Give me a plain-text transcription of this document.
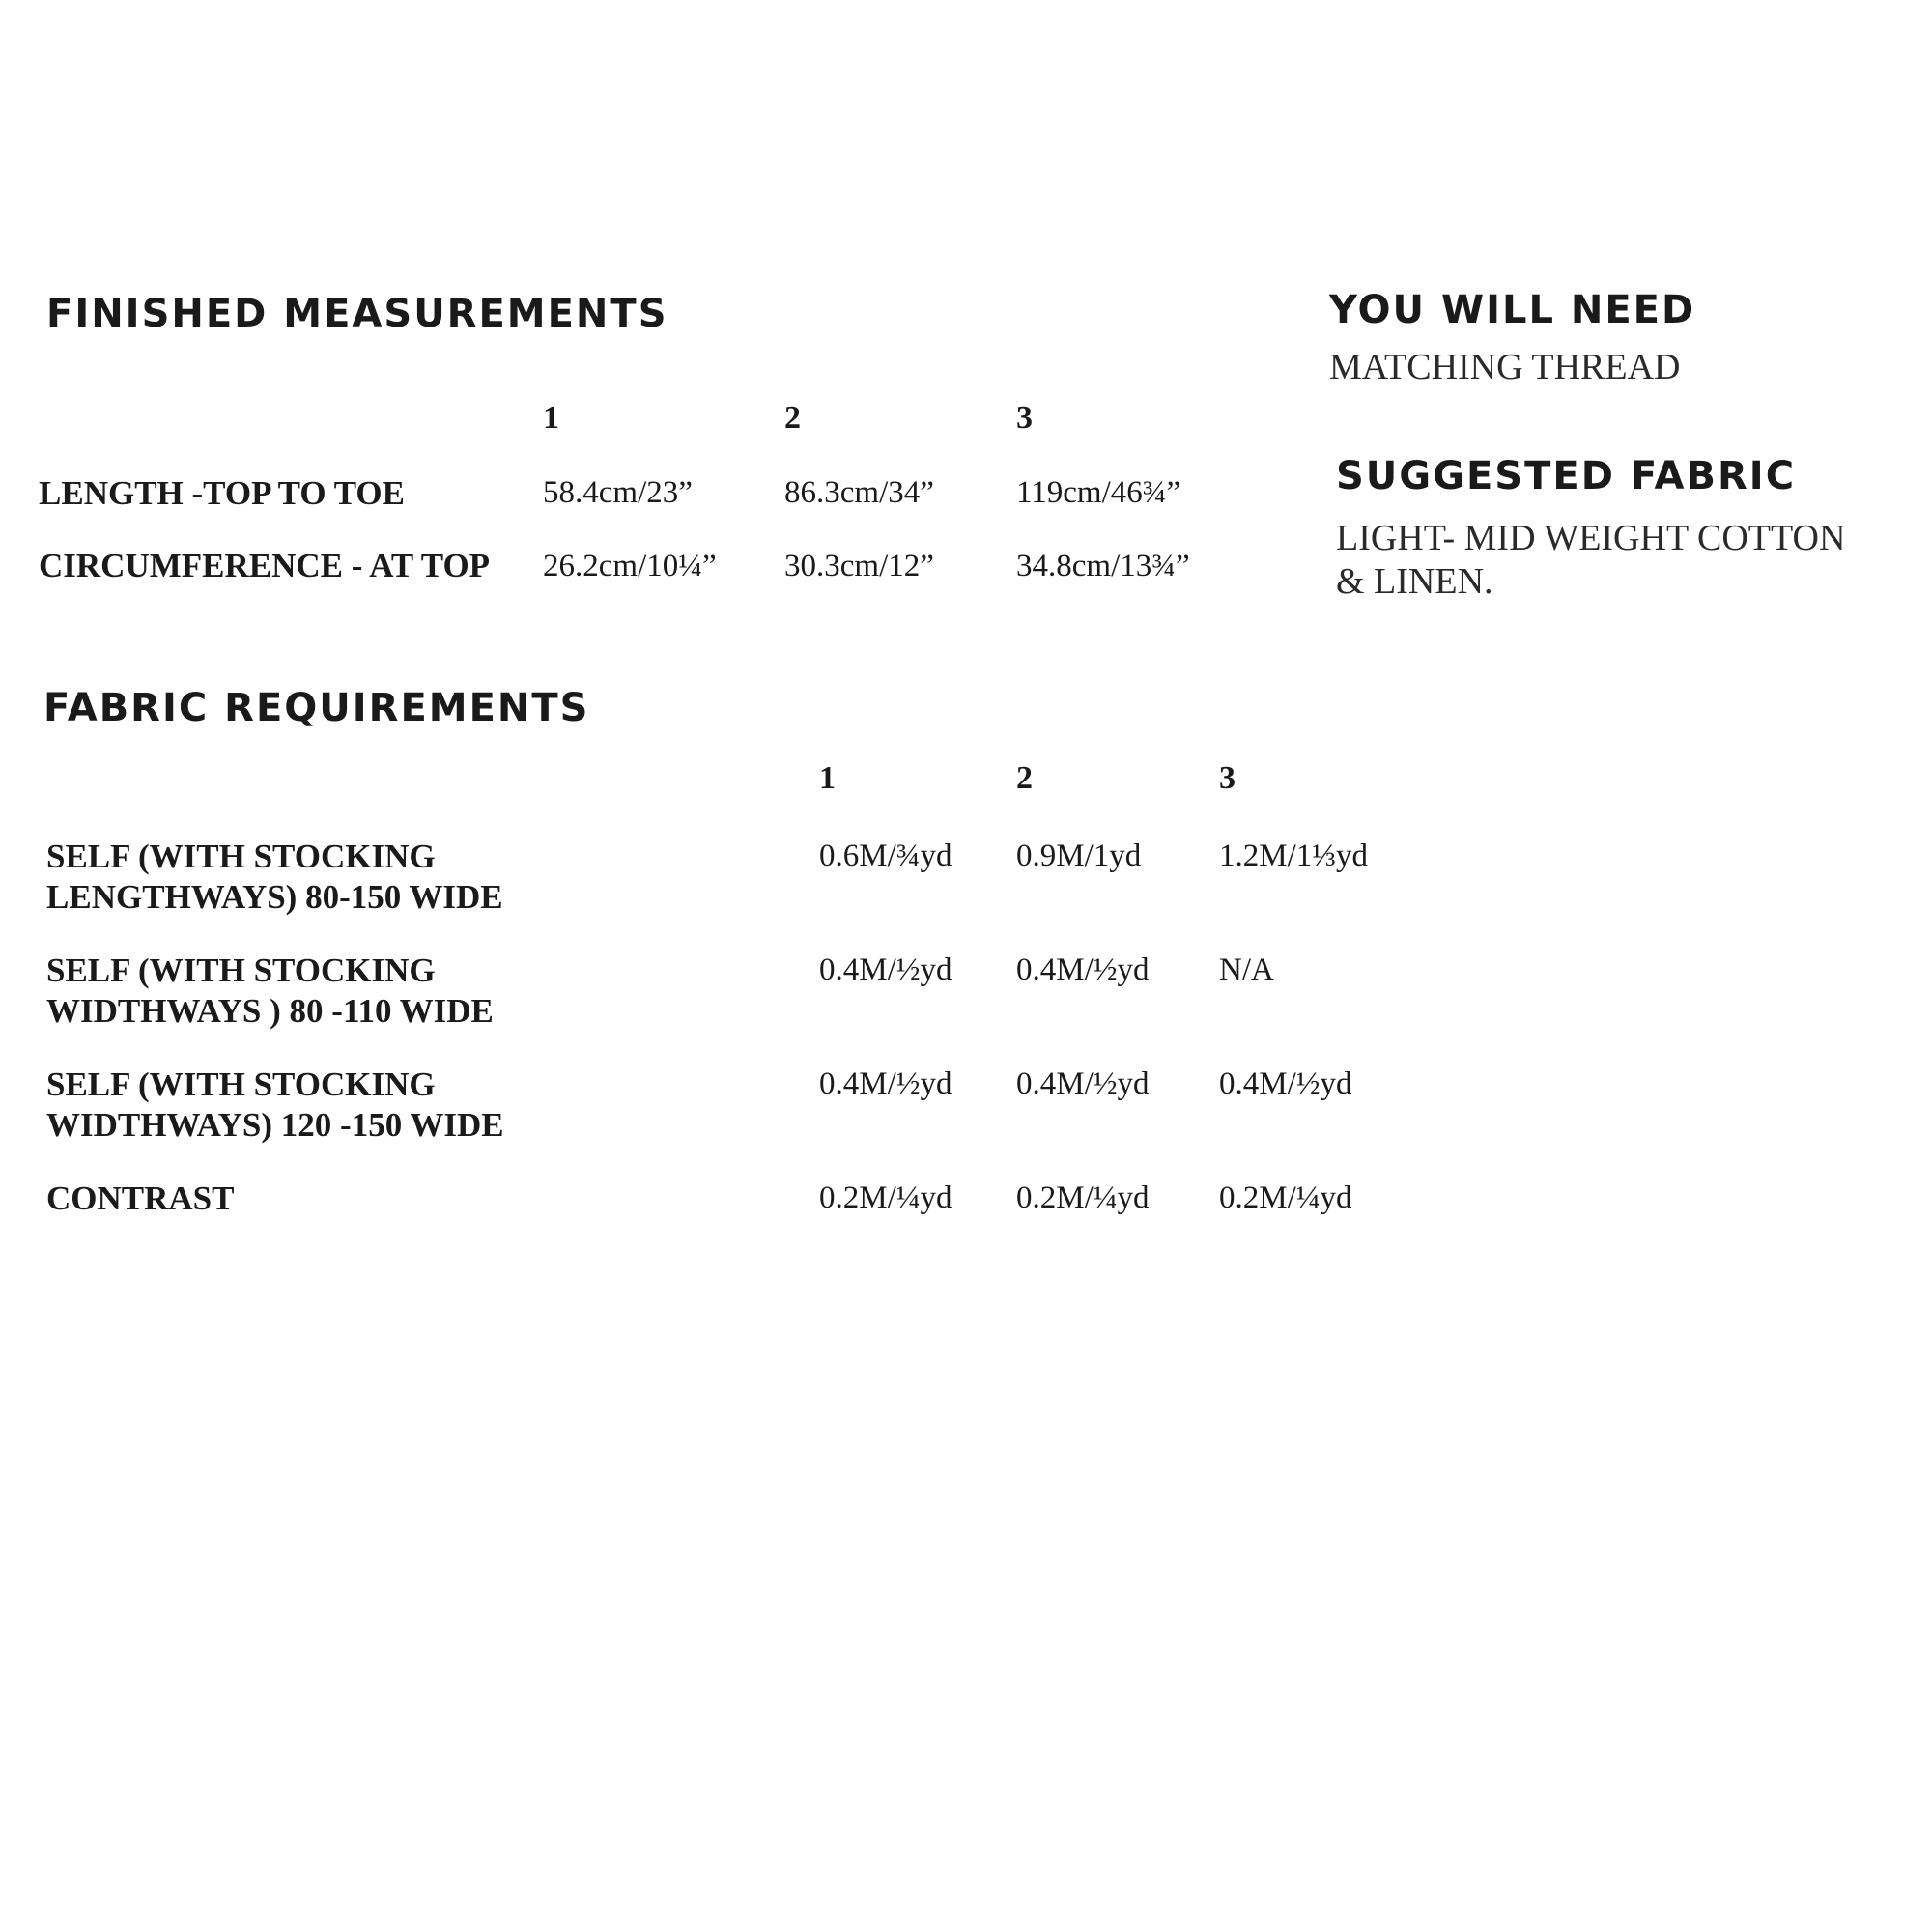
FINISHED MEASUREMENTS
1	2	3
LENGTH -TOP TO TOE	58.4cm/23”	86.3cm/34”	119cm/46¾”
CIRCUMFERENCE - AT TOP 26.2cm/10¼” 30.3cm/12”	34.8cm/13¾”
FABRIC REQUIREMENTS
1	2	3
SELF (WITH STOCKING
LENGTHWAYS) 80-150 WIDE
0.6M/¾yd 0.9M/1yd 1.2M/1⅓yd
SELF (WITH STOCKING
WIDTHWAYS ) 80 -110 WIDE
0.4M/½yd 0.4M/½yd N/A
SELF (WITH STOCKING
WIDTHWAYS) 120 -150 WIDE
0.4M/½yd 0.4M/½yd 0.4M/½yd
CONTRAST	0.2M/¼yd 0.2M/¼yd 0.2M/¼yd
YOU WILL NEED
MATCHING THREAD
SUGGESTED FABRIC
LIGHT- MID WEIGHT COTTON
& LINEN.
